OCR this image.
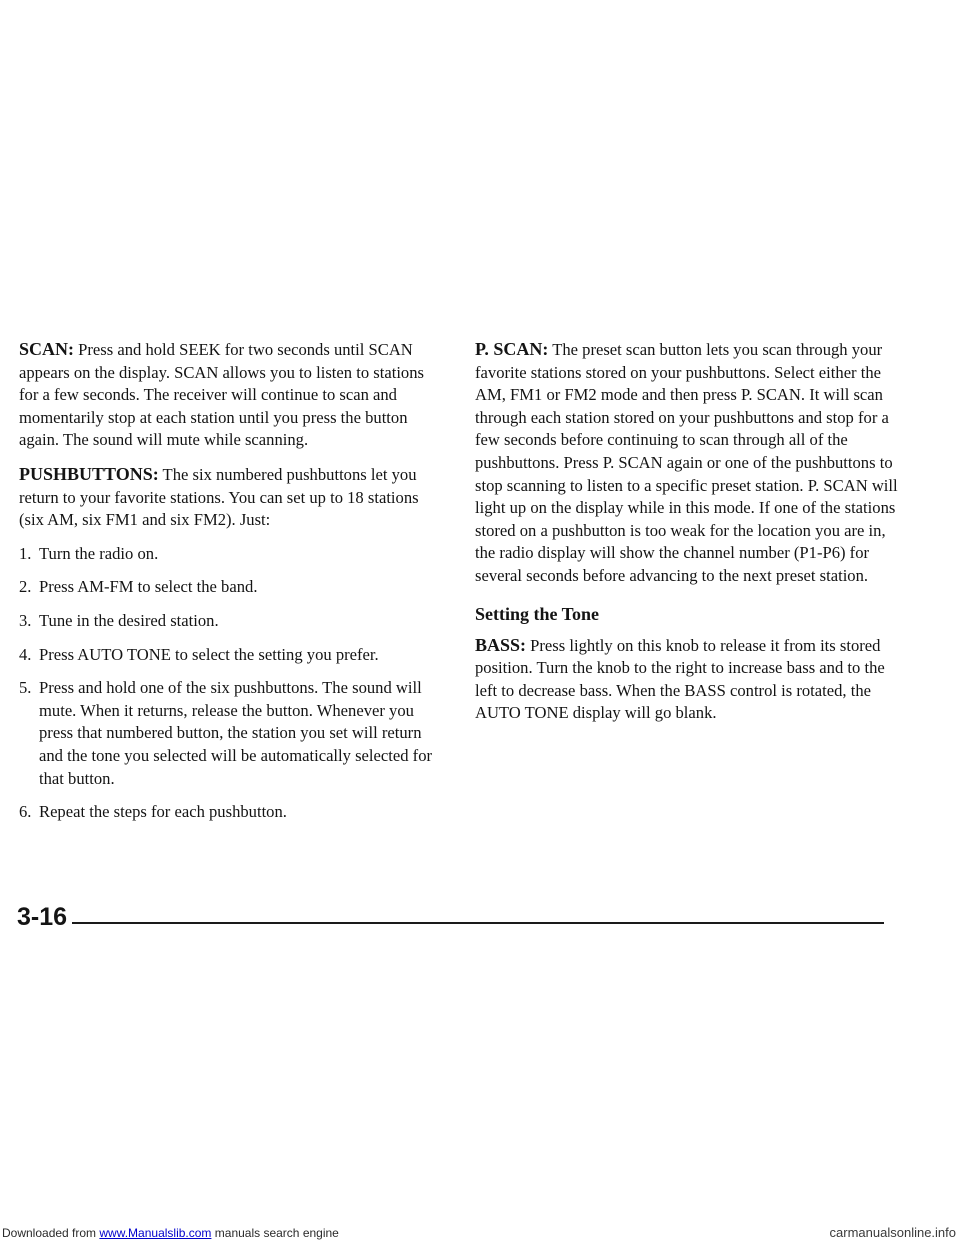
SCAN: Press and hold SEEK for two seconds until SCAN appears on the display. SCAN allows you to listen to stations for a few seconds. The receiver will continue to scan and momentarily stop at each station until you press the button again. The sound will mute while scanning.

PUSHBUTTONS: The six numbered pushbuttons let you return to your favorite stations. You can set up to 18 stations (six AM, six FM1 and six FM2). Just:

1. Turn the radio on.
2. Press AM-FM to select the band.
3. Tune in the desired station.
4. Press AUTO TONE to select the setting you prefer.
5. Press and hold one of the six pushbuttons. The sound will mute. When it returns, release the button. Whenever you press that numbered button, the station you set will return and the tone you selected will be automatically selected for that button.
6. Repeat the steps for each pushbutton.

P. SCAN: The preset scan button lets you scan through your favorite stations stored on your pushbuttons. Select either the AM, FM1 or FM2 mode and then press P. SCAN. It will scan through each station stored on your pushbuttons and stop for a few seconds before continuing to scan through all of the pushbuttons. Press P. SCAN again or one of the pushbuttons to stop scanning to listen to a specific preset station. P. SCAN will light up on the display while in this mode. If one of the stations stored on a pushbutton is too weak for the location you are in, the radio display will show the channel number (P1-P6) for several seconds before advancing to the next preset station.

Setting the Tone

BASS: Press lightly on this knob to release it from its stored position. Turn the knob to the right to increase bass and to the left to decrease bass. When the BASS control is rotated, the AUTO TONE display will go blank.

3-16
Downloaded from www.Manualslib.com manuals search engine	carmanualsonline.info
